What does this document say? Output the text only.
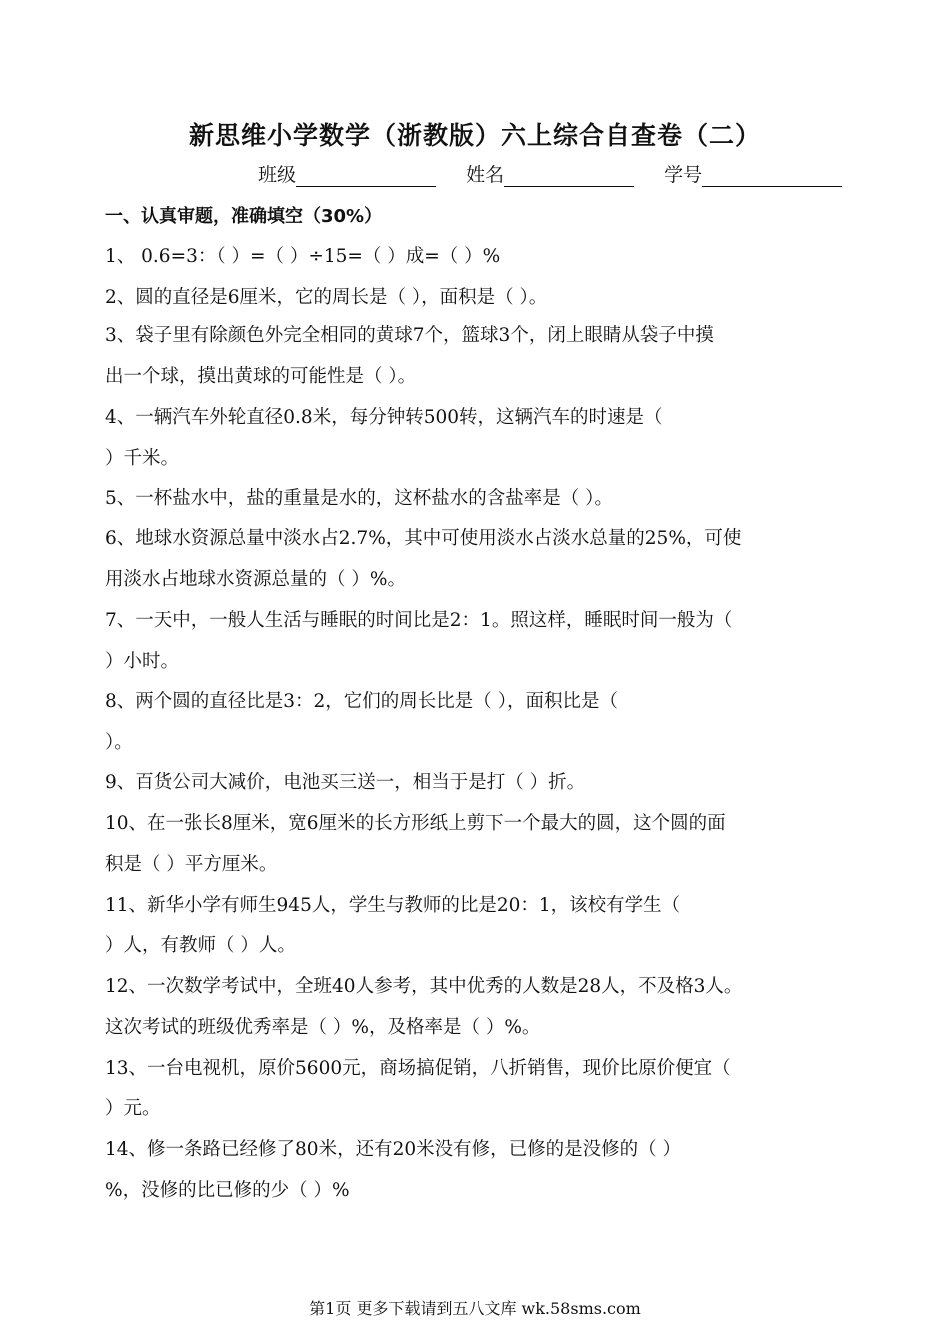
新思维小学数学（浙教版）六上综合自查卷（二）
班级	姓名	学号
一、认真审题，准确填空（30%）
1、 0.6=3：（ ）=（ ）÷15=（ ）成=（ ）%
2、圆的直径是6厘米，它的周长是（ ），面积是（ ）。
3、袋子里有除颜色外完全相同的黄球7个，篮球3个，闭上眼睛从袋子中摸
出一个球，摸出黄球的可能性是（ ）。
4、一辆汽车外轮直径0.8米，每分钟转500转，这辆汽车的时速是（
）千米。
5、一杯盐水中，盐的重量是水的，这杯盐水的含盐率是（ ）。
6、地球水资源总量中淡水占2.7%，其中可使用淡水占淡水总量的25%，可使
用淡水占地球水资源总量的（ ）%。
7、一天中，一般人生活与睡眠的时间比是2：1。照这样，睡眠时间一般为（
）小时。
8、两个圆的直径比是3：2，它们的周长比是（ ），面积比是（
）。
9、百货公司大减价，电池买三送一，相当于是打（ ）折。
10、在一张长8厘米，宽6厘米的长方形纸上剪下一个最大的圆，这个圆的面
积是（ ）平方厘米。
11、新华小学有师生945人，学生与教师的比是20：1，该校有学生（
）人，有教师（ ）人。
12、一次数学考试中，全班40人参考，其中优秀的人数是28人，不及格3人。
这次考试的班级优秀率是（ ）%，及格率是（ ）%。
13、一台电视机，原价5600元，商场搞促销，八折销售，现价比原价便宜（
）元。
14、修一条路已经修了80米，还有20米没有修，已修的是没修的（ ）
%，没修的比已修的少（ ）%
第1页 更多下载请到五八文库 wk.58sms.com
